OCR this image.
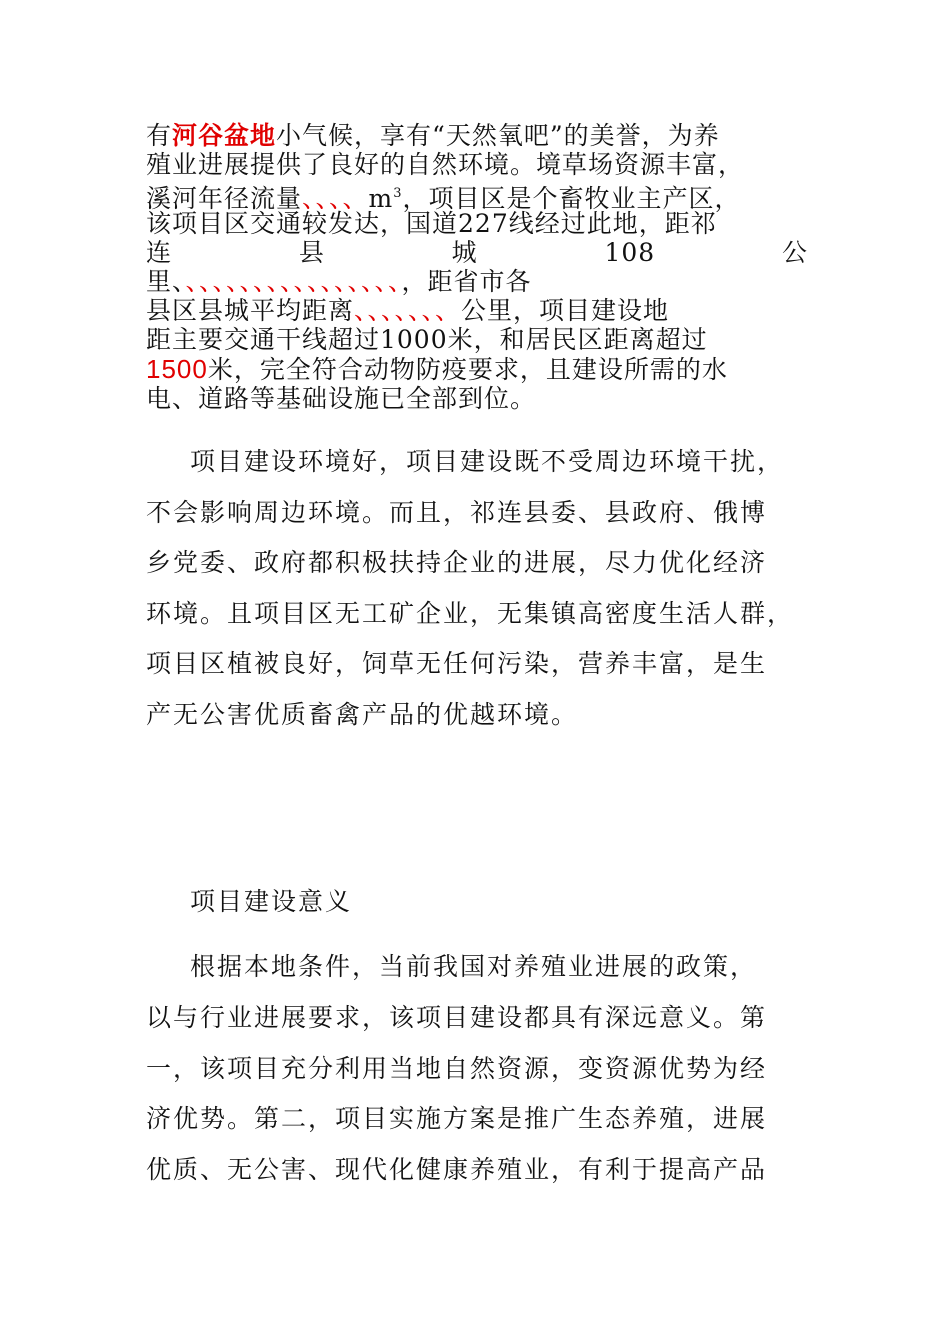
有河谷盆地小气候，享有“天然氧吧”的美誉，为养
殖业进展提供了良好的自然环境。境草场资源丰富，
溪河年径流量、、、、$m^3$，项目区是个畜牧业主产区，
该项目区交通较发达，国道227线经过此地，距祁
连	县	城	108	公
里、、、、、、、、、、、、、、、、、，距省市各
县区县城平均距离、、、、、、、公里，项目建设地
距主要交通干线超过1000米，和居民区距离超过
1500米，完全符合动物防疫要求，且建设所需的水
电、道路等基础设施已全部到位。
项目建设环境好，项目建设既不受周边环境干扰，
不会影响周边环境。而且，祁连县委、县政府、俄博
乡党委、政府都积极扶持企业的进展，尽力优化经济
环境。且项目区无工矿企业，无集镇高密度生活人群，
项目区植被良好，饲草无任何污染，营养丰富，是生
产无公害优质畜禽产品的优越环境。
项目建设意义
根据本地条件，当前我国对养殖业进展的政策，
以与行业进展要求，该项目建设都具有深远意义。第
一，该项目充分利用当地自然资源，变资源优势为经
济优势。第二，项目实施方案是推广生态养殖，进展
优质、无公害、现代化健康养殖业，有利于提高产品
